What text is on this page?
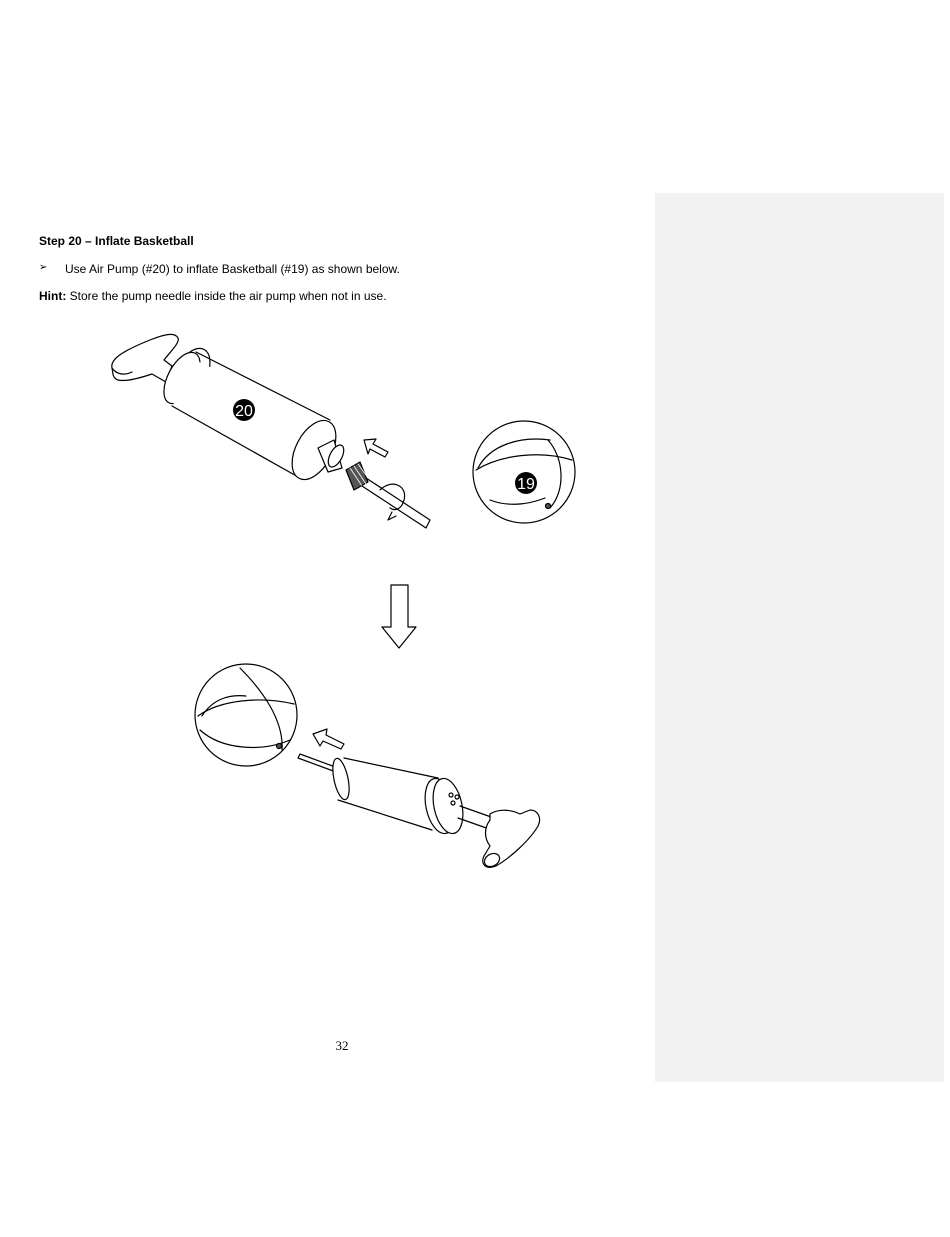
Step 20 – Inflate Basketball
➢ Use Air Pump (#20) to inflate Basketball (#19) as shown below.
Hint: Store the pump needle inside the air pump when not in use.
20
19
32
